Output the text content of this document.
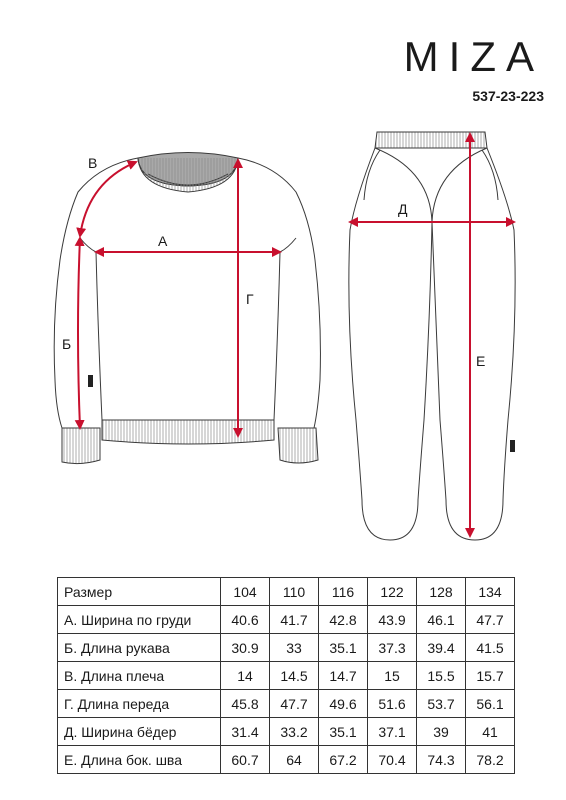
MIZA
537-23-223
В
А
Г
Б
Д
Е
Размер	104	110	116	122	128	134
А. Ширина по груди	40.6	41.7	42.8	43.9	46.1	47.7
Б. Длина рукава	30.9	33	35.1	37.3	39.4	41.5
В. Длина плеча	14	14.5	14.7	15	15.5	15.7
Г. Длина переда	45.8	47.7	49.6	51.6	53.7	56.1
Д. Ширина бёдер	31.4	33.2	35.1	37.1	39	41
Е. Длина бок. шва	60.7	64	67.2	70.4	74.3	78.2
